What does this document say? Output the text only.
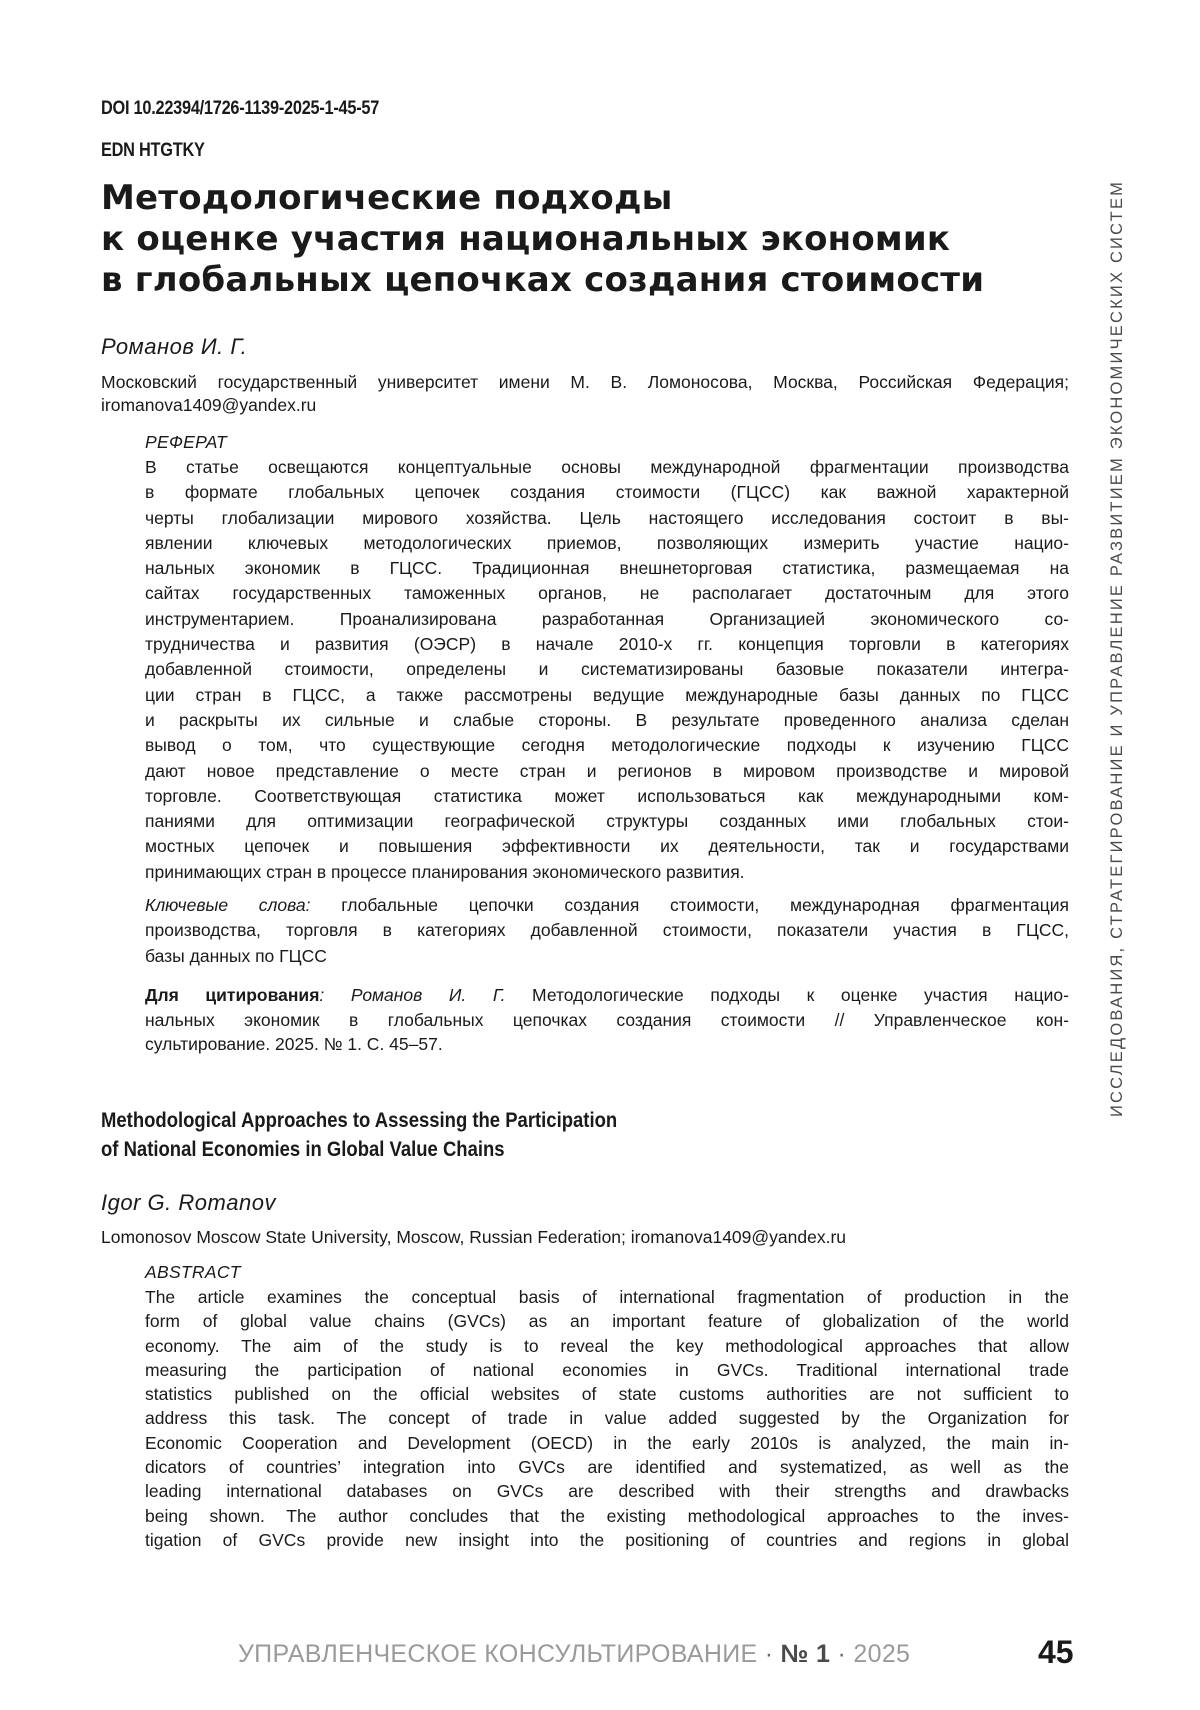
DOI 10.22394/1726-1139-2025-1-45-57
EDN HTGTKY
Методологические подходы
к оценке участия национальных экономик
в глобальных цепочках создания стоимости
Романов И. Г.
Московский государственный университет имени М. В. Ломоносова, Москва, Российская Федерация; iromanova1409@yandex.ru
РЕФЕРАТ
В статье освещаются концептуальные основы международной фрагментации производства
в формате глобальных цепочек создания стоимости (ГЦСС) как важной характерной
черты глобализации мирового хозяйства. Цель настоящего исследования состоит в вы-
явлении ключевых методологических приемов, позволяющих измерить участие нацио-
нальных экономик в ГЦСС. Традиционная внешнеторговая статистика, размещаемая на
сайтах государственных таможенных органов, не располагает достаточным для этого
инструментарием. Проанализирована разработанная Организацией экономического со-
трудничества и развития (ОЭСР) в начале 2010-х гг. концепция торговли в категориях
добавленной стоимости, определены и систематизированы базовые показатели интегра-
ции стран в ГЦСС, а также рассмотрены ведущие международные базы данных по ГЦСС
и раскрыты их сильные и слабые стороны. В результате проведенного анализа сделан
вывод о том, что существующие сегодня методологические подходы к изучению ГЦСС
дают новое представление о месте стран и регионов в мировом производстве и мировой
торговле. Соответствующая статистика может использоваться как международными ком-
паниями для оптимизации географической структуры созданных ими глобальных стои-
мостных цепочек и повышения эффективности их деятельности, так и государствами
принимающих стран в процессе планирования экономического развития.
Ключевые слова: глобальные цепочки создания стоимости, международная фрагментация
производства, торговля в категориях добавленной стоимости, показатели участия в ГЦСС,
базы данных по ГЦСС
Для цитирования: Романов И. Г. Методологические подходы к оценке участия нацио-
нальных экономик в глобальных цепочках создания стоимости // Управленческое кон-
сультирование. 2025. № 1. С. 45–57.
Methodological Approaches to Assessing the Participation
of National Economies in Global Value Chains
Igor G. Romanov
Lomonosov Moscow State University, Moscow, Russian Federation; iromanova1409@yandex.ru
ABSTRACT
The article examines the conceptual basis of international fragmentation of production in the
form of global value chains (GVCs) as an important feature of globalization of the world
economy. The aim of the study is to reveal the key methodological approaches that allow
measuring the participation of national economies in GVCs. Traditional international trade
statistics published on the official websites of state customs authorities are not sufficient to
address this task. The concept of trade in value added suggested by the Organization for
Economic Cooperation and Development (OECD) in the early 2010s is analyzed, the main in-
dicators of countries’ integration into GVCs are identified and systematized, as well as the
leading international databases on GVCs are described with their strengths and drawbacks
being shown. The author concludes that the existing methodological approaches to the inves-
tigation of GVCs provide new insight into the positioning of countries and regions in global
ИССЛЕДОВАНИЯ, СТРАТЕГИРОВАНИЕ И УПРАВЛЕНИЕ РАЗВИТИЕМ ЭКОНОМИЧЕСКИХ СИСТЕМ
УПРАВЛЕНЧЕСКОЕ КОНСУЛЬТИРОВАНИЕ · № 1 · 2025	45
